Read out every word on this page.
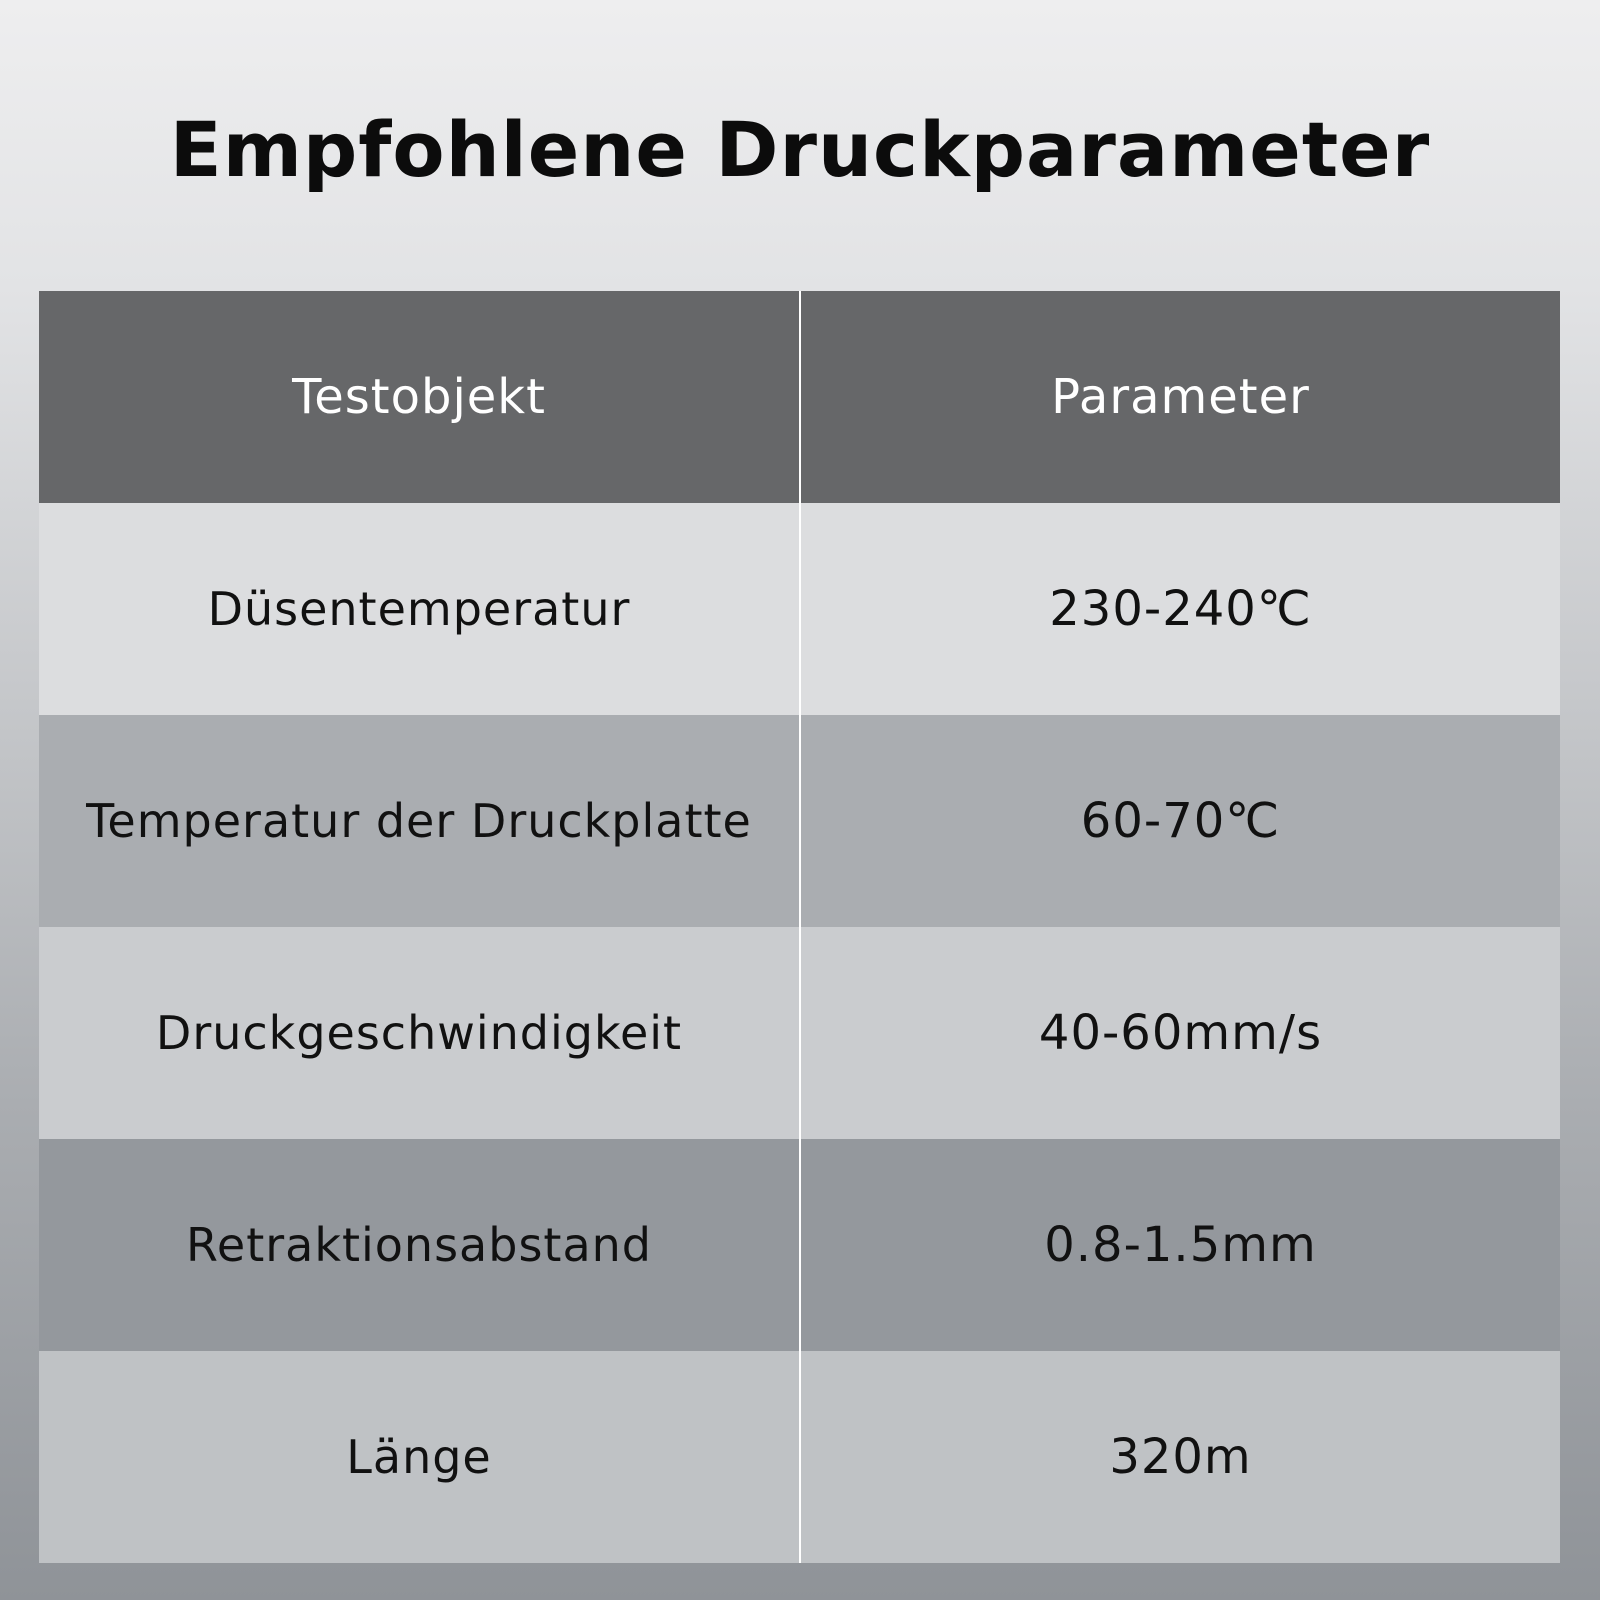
Empfohlene Druckparameter
Testobjekt	Parameter
Düsentemperatur	230-240℃
Temperatur der Druckplatte	60-70℃
Druckgeschwindigkeit	40-60mm/s
Retraktionsabstand	0.8-1.5mm
Länge	320m
